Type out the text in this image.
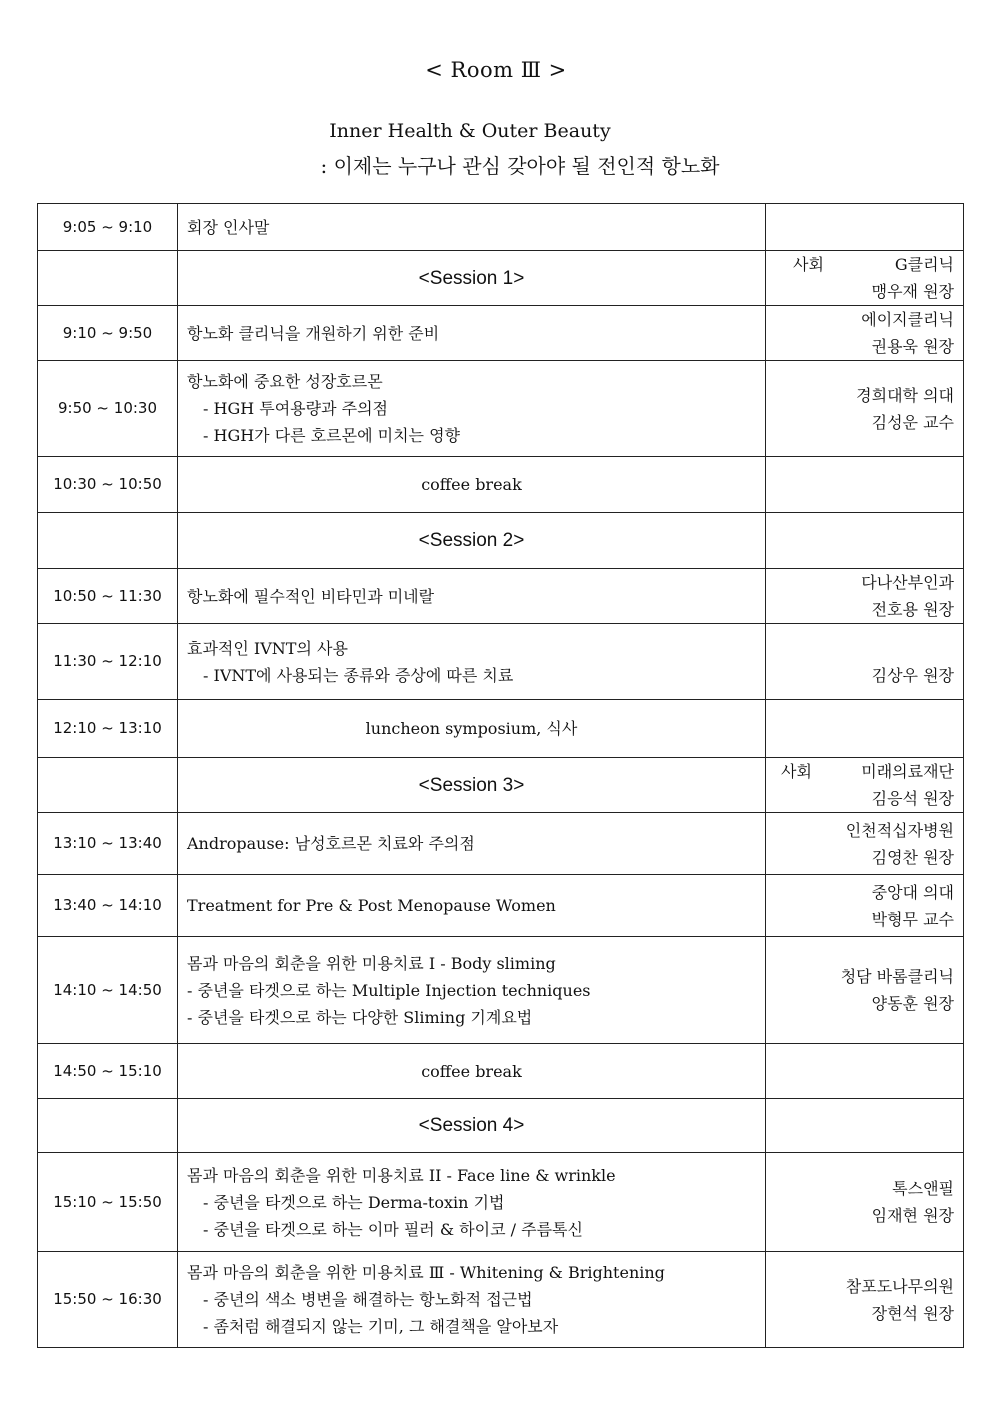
< Room Ⅲ >
Inner Health & Outer Beauty
: 이제는 누구나 관심 갖아야 될 전인적 항노화
9:05 ~ 9:10	회장 인사말	
	<Session 1>	사회 G클리닉
맹우재 원장

9:10 ~ 9:50	항노화 클리닉을 개원하기 위한 준비	에이지클리닉
권용욱 원장

9:50 ~ 10:30	항노화에 중요한 성장호르몬
- HGH 투여용량과 주의점
- HGH가 다른 호르몬에 미치는 영향	경희대학 의대
김성운 교수

10:30 ~ 10:50	coffee break	
	<Session 2>	
10:50 ~ 11:30	항노화에 필수적인 비타민과 미네랄	다나산부인과
전호용 원장

11:30 ~ 12:10	효과적인 IVNT의 사용
- IVNT에 사용되는 종류와 증상에 따른 치료	김상우 원장

12:10 ~ 13:10	luncheon symposium, 식사	
	<Session 3>	사회 미래의료재단
김응석 원장

13:10 ~ 13:40	Andropause: 남성호르몬 치료와 주의점	인천적십자병원
김영찬 원장

13:40 ~ 14:10	Treatment for Pre & Post Menopause Women	중앙대 의대
박형무 교수

14:10 ~ 14:50	몸과 마음의 회춘을 위한 미용치료 I - Body sliming
- 중년을 타겟으로 하는 Multiple Injection techniques
- 중년을 타겟으로 하는 다양한 Sliming 기계요법	청담 바롬클리닉
양동훈 원장

14:50 ~ 15:10	coffee break	
	<Session 4>	
15:10 ~ 15:50	몸과 마음의 회춘을 위한 미용치료 II - Face line & wrinkle
- 중년을 타겟으로 하는 Derma-toxin 기법
- 중년을 타겟으로 하는 이마 필러 & 하이코 / 주름톡신	톡스앤필
임재현 원장

15:50 ~ 16:30	몸과 마음의 회춘을 위한 미용치료 Ⅲ - Whitening & Brightening
- 중년의 색소 병변을 해결하는 항노화적 접근법
- 좀처럼 해결되지 않는 기미, 그 해결책을 알아보자	참포도나무의원
장현석 원장
